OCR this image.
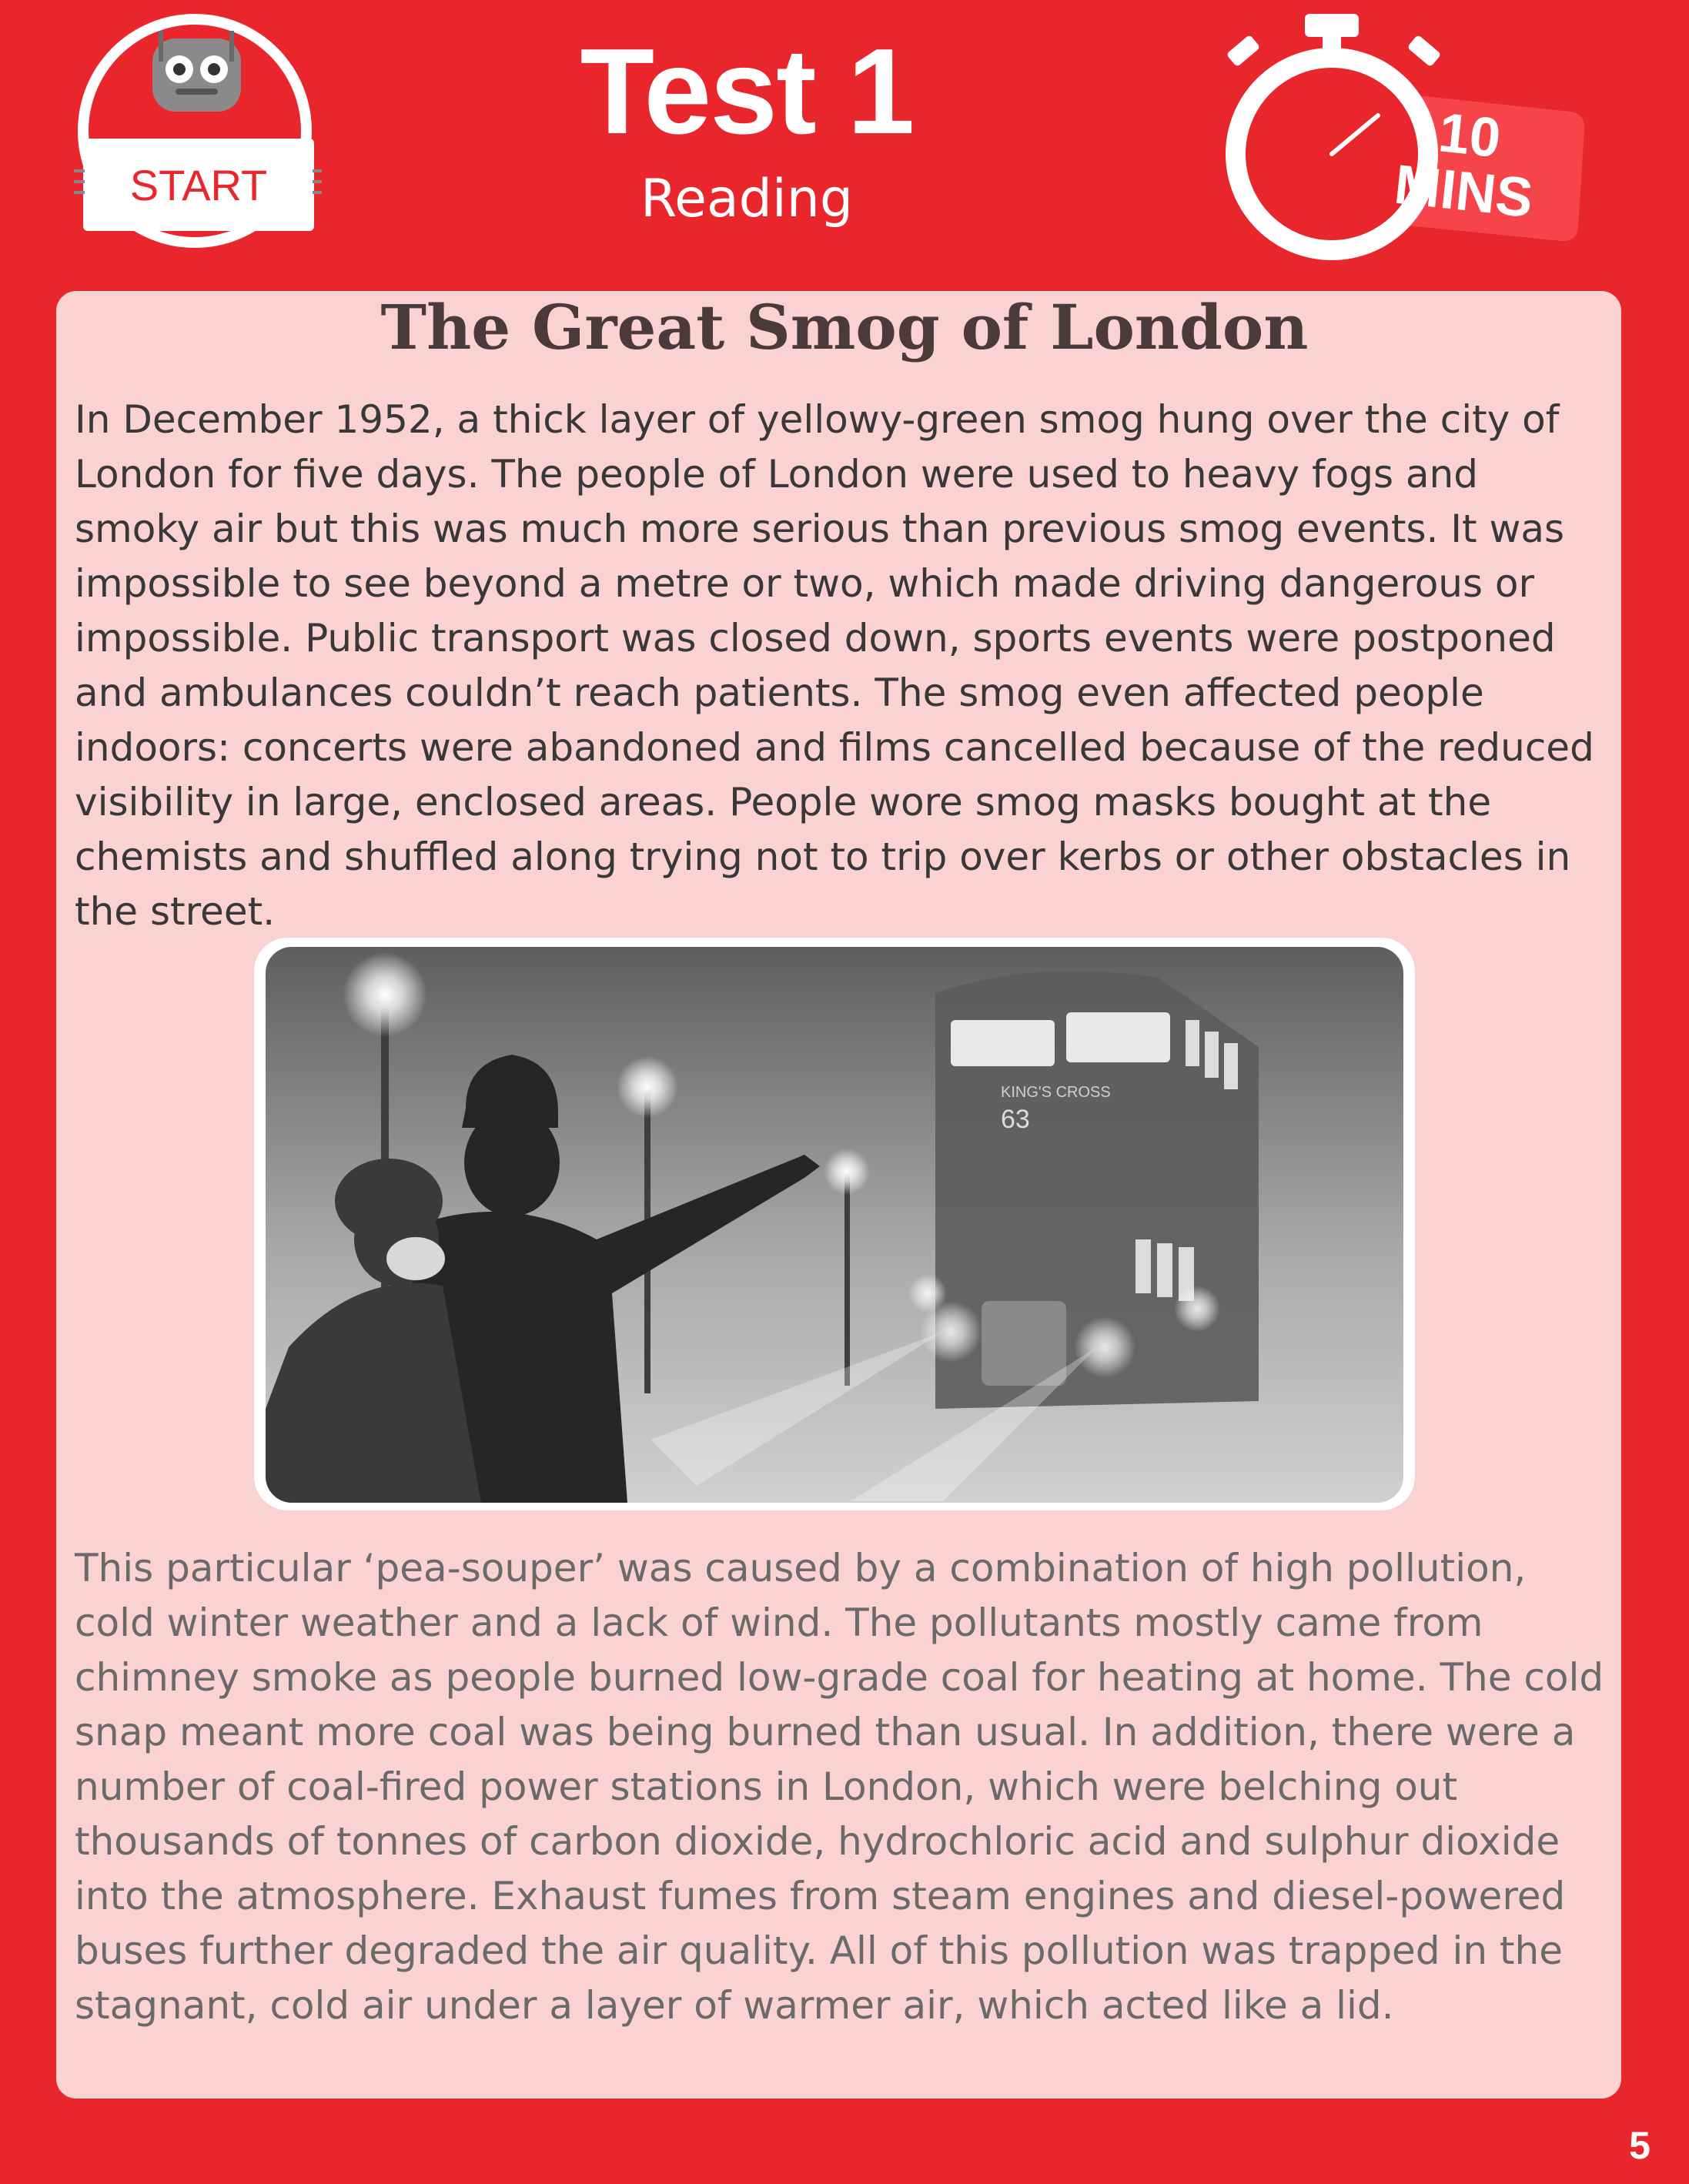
START
Test 1
Reading
10
MINS
The Great Smog of London

In December 1952, a thick layer of yellowy-green smog hung over the city of London for five days. The people of London were used to heavy fogs and smoky air but this was much more serious than previous smog events. It was impossible to see beyond a metre or two, which made driving dangerous or impossible. Public transport was closed down, sports events were postponed and ambulances couldn’t reach patients. The smog even affected people indoors: concerts were abandoned and films cancelled because of the reduced visibility in large, enclosed areas. People wore smog masks bought at the chemists and shuffled along trying not to trip over kerbs or other obstacles in the street.

KING'S CROSS
63

This particular ‘pea-souper’ was caused by a combination of high pollution, cold winter weather and a lack of wind. The pollutants mostly came from chimney smoke as people burned low-grade coal for heating at home. The cold snap meant more coal was being burned than usual. In addition, there were a number of coal-fired power stations in London, which were belching out thousands of tonnes of carbon dioxide, hydrochloric acid and sulphur dioxide into the atmosphere. Exhaust fumes from steam engines and diesel-powered buses further degraded the air quality. All of this pollution was trapped in the stagnant, cold air under a layer of warmer air, which acted like a lid.

5
